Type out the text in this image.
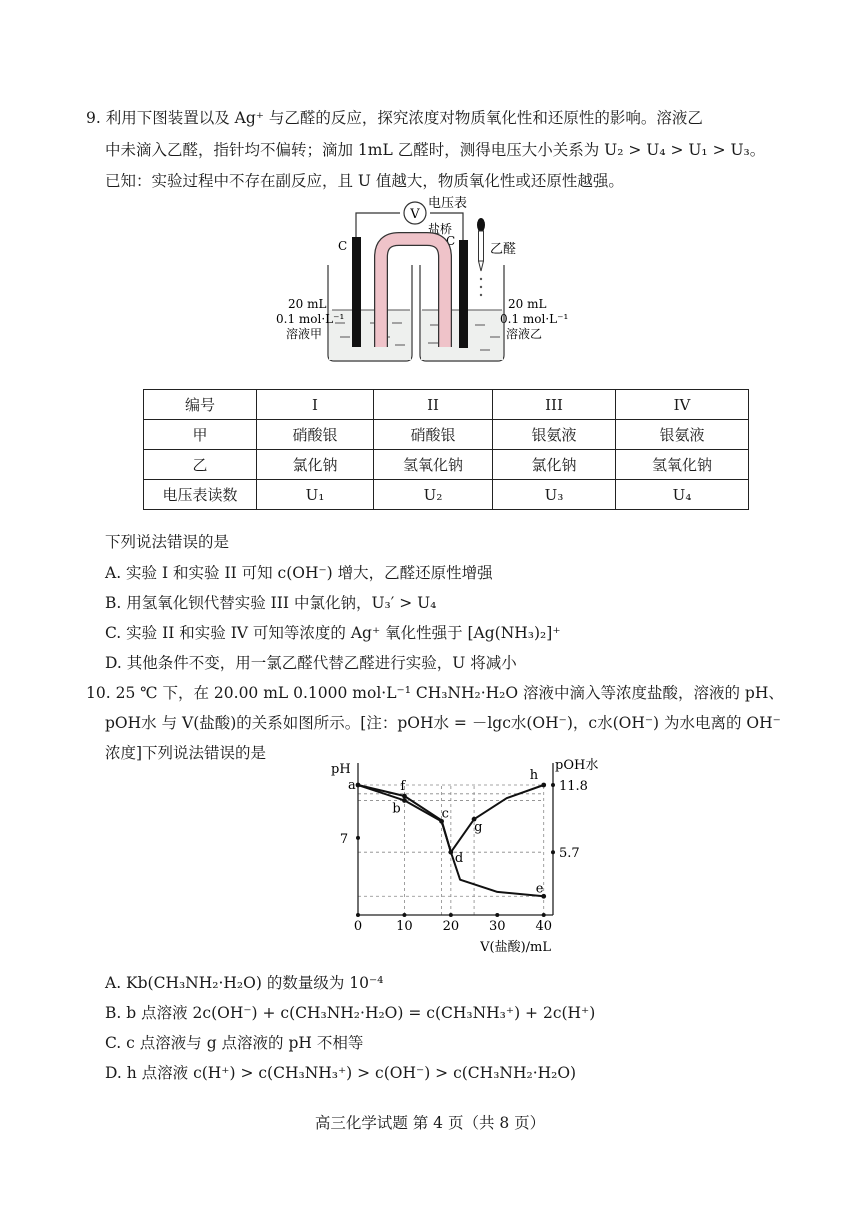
9. 利用下图装置以及 Ag⁺ 与乙醛的反应，探究浓度对物质氧化性和还原性的影响。溶液乙
中未滴入乙醛，指针均不偏转；滴加 1mL 乙醛时，测得电压大小关系为 U₂ > U₄ > U₁ > U₃。
已知：实验过程中不存在副反应，且 U 值越大，物质氧化性或还原性越强。
V
电压表
盐桥
C	C
乙醛
20 mL
0.1 mol·L⁻¹
溶液甲
20 mL
0.1 mol·L⁻¹
溶液乙
编号	I	II	III	IV
甲	硝酸银	硝酸银	银氨液	银氨液
乙	氯化钠	氢氧化钠	氯化钠	氢氧化钠
电压表读数	U₁	U₂	U₃	U₄
下列说法错误的是
A. 实验 I 和实验 II 可知 c(OH⁻) 增大，乙醛还原性增强
B. 用氢氧化钡代替实验 III 中氯化钠，U₃′ > U₄
C. 实验 II 和实验 IV 可知等浓度的 Ag⁺ 氧化性强于 [Ag(NH₃)₂]⁺
D. 其他条件不变，用一氯乙醛代替乙醛进行实验，U 将减小
10. 25 ℃ 下，在 20.00 mL 0.1000 mol·L⁻¹ CH₃NH₂·H₂O 溶液中滴入等浓度盐酸，溶液的 pH、
pOH水 与 V(盐酸)的关系如图所示。[注：pOH水 = －lgc水(OH⁻)，c水(OH⁻) 为水电离的 OH⁻
浓度]下列说法错误的是
0	10 20 30 40
7
11.8
5.7
pH	pOH水
V(盐酸)/mL
a
b	c
d
e
f
g
h
A. Kb(CH₃NH₂·H₂O) 的数量级为 10⁻⁴
B. b 点溶液 2c(OH⁻) + c(CH₃NH₂·H₂O) = c(CH₃NH₃⁺) + 2c(H⁺)
C. c 点溶液与 g 点溶液的 pH 不相等
D. h 点溶液 c(H⁺) > c(CH₃NH₃⁺) > c(OH⁻) > c(CH₃NH₂·H₂O)
高三化学试题 第 4 页（共 8 页）
